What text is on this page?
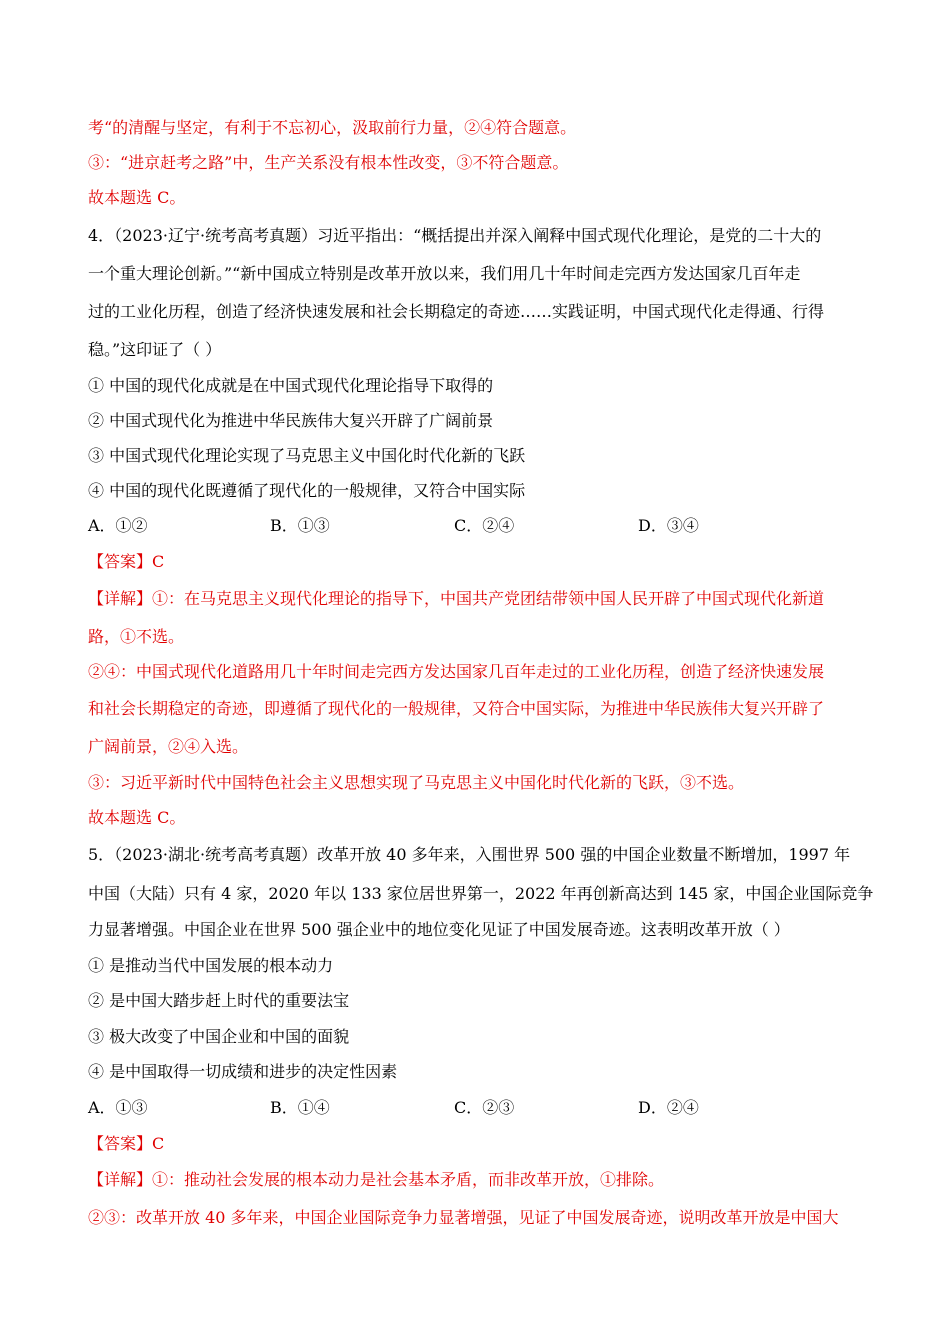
考“的清醒与坚定，有利于不忘初心，汲取前行力量，②④符合题意。
③：“进京赶考之路”中，生产关系没有根本性改变，③不符合题意。
故本题选 C。
4．（2023·辽宁·统考高考真题）习近平指出：“概括提出并深入阐释中国式现代化理论，是党的二十大的
一个重大理论创新。”“新中国成立特别是改革开放以来，我们用几十年时间走完西方发达国家几百年走
过的工业化历程，创造了经济快速发展和社会长期稳定的奇迹……实践证明，中国式现代化走得通、行得
稳。”这印证了（ ）
① 中国的现代化成就是在中国式现代化理论指导下取得的
② 中国式现代化为推进中华民族伟大复兴开辟了广阔前景
③ 中国式现代化理论实现了马克思主义中国化时代化新的飞跃
④ 中国的现代化既遵循了现代化的一般规律，又符合中国实际
【答案】C
【详解】①：在马克思主义现代化理论的指导下，中国共产党团结带领中国人民开辟了中国式现代化新道
路，①不选。
②④：中国式现代化道路用几十年时间走完西方发达国家几百年走过的工业化历程，创造了经济快速发展
和社会长期稳定的奇迹，即遵循了现代化的一般规律，又符合中国实际，为推进中华民族伟大复兴开辟了
广阔前景，②④入选。
③：习近平新时代中国特色社会主义思想实现了马克思主义中国化时代化新的飞跃，③不选。
故本题选 C。
5．（2023·湖北·统考高考真题）改革开放 40 多年来，入围世界 500 强的中国企业数量不断增加，1997 年
中国（大陆）只有 4 家，2020 年以 133 家位居世界第一，2022 年再创新高达到 145 家，中国企业国际竞争
力显著增强。中国企业在世界 500 强企业中的地位变化见证了中国发展奇迹。这表明改革开放（ ）
① 是推动当代中国发展的根本动力
② 是中国大踏步赶上时代的重要法宝
③ 极大改变了中国企业和中国的面貌
④ 是中国取得一切成绩和进步的决定性因素
【答案】C
【详解】①：推动社会发展的根本动力是社会基本矛盾，而非改革开放，①排除。
②③：改革开放 40 多年来，中国企业国际竞争力显著增强，见证了中国发展奇迹，说明改革开放是中国大
A．①②	B．①③	C．②④	D．③④
A．①③	B．①④	C．②③	D．②④
